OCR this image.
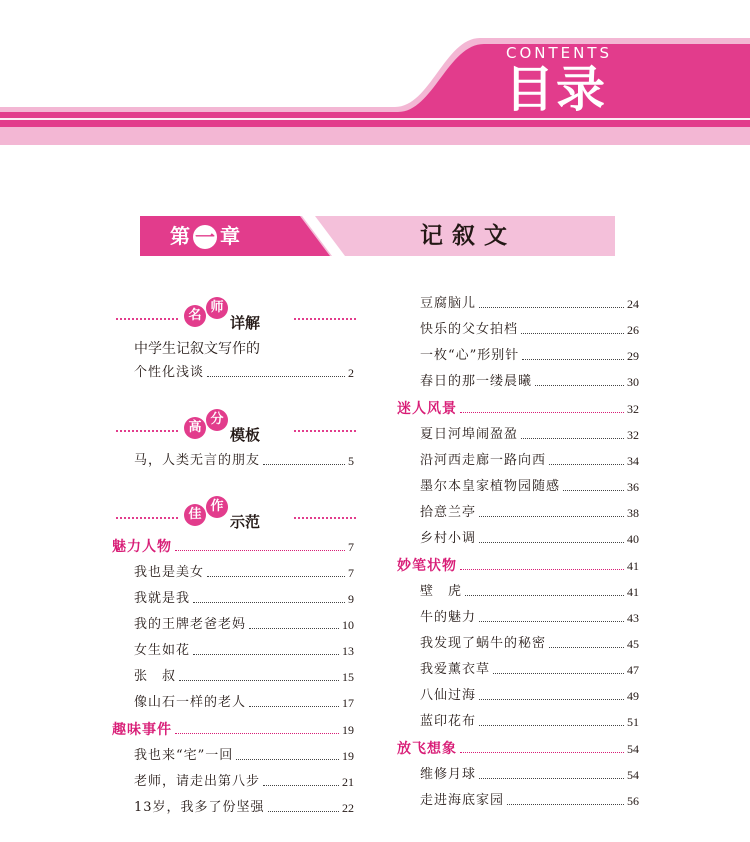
CONTENTS
目录
第 一 章	记叙文
名
师
详解
中学生记叙文写作的
个性化浅谈	2
高
分
模板
马，人类无言的朋友	5
佳
作
示范
魅力人物	7
我也是美女	7
我就是我	9
我的王牌老爸老妈	10
女生如花	13
张　叔	15
像山石一样的老人	17
趣味事件	19
我也来“宅”一回	19
老师，请走出第八步	21
13岁，我多了份坚强	22
豆腐脑儿	24
快乐的父女拍档	26
一枚“心”形别针	29
春日的那一缕晨曦	30
迷人风景	32
夏日河埠闹盈盈	32
沿河西走廊一路向西	34
墨尔本皇家植物园随感	36
拾意兰亭	38
乡村小调	40
妙笔状物	41
壁　虎	41
牛的魅力	43
我发现了蜗牛的秘密	45
我爱薰衣草	47
八仙过海	49
蓝印花布	51
放飞想象	54
维修月球	54
走进海底家园	56
